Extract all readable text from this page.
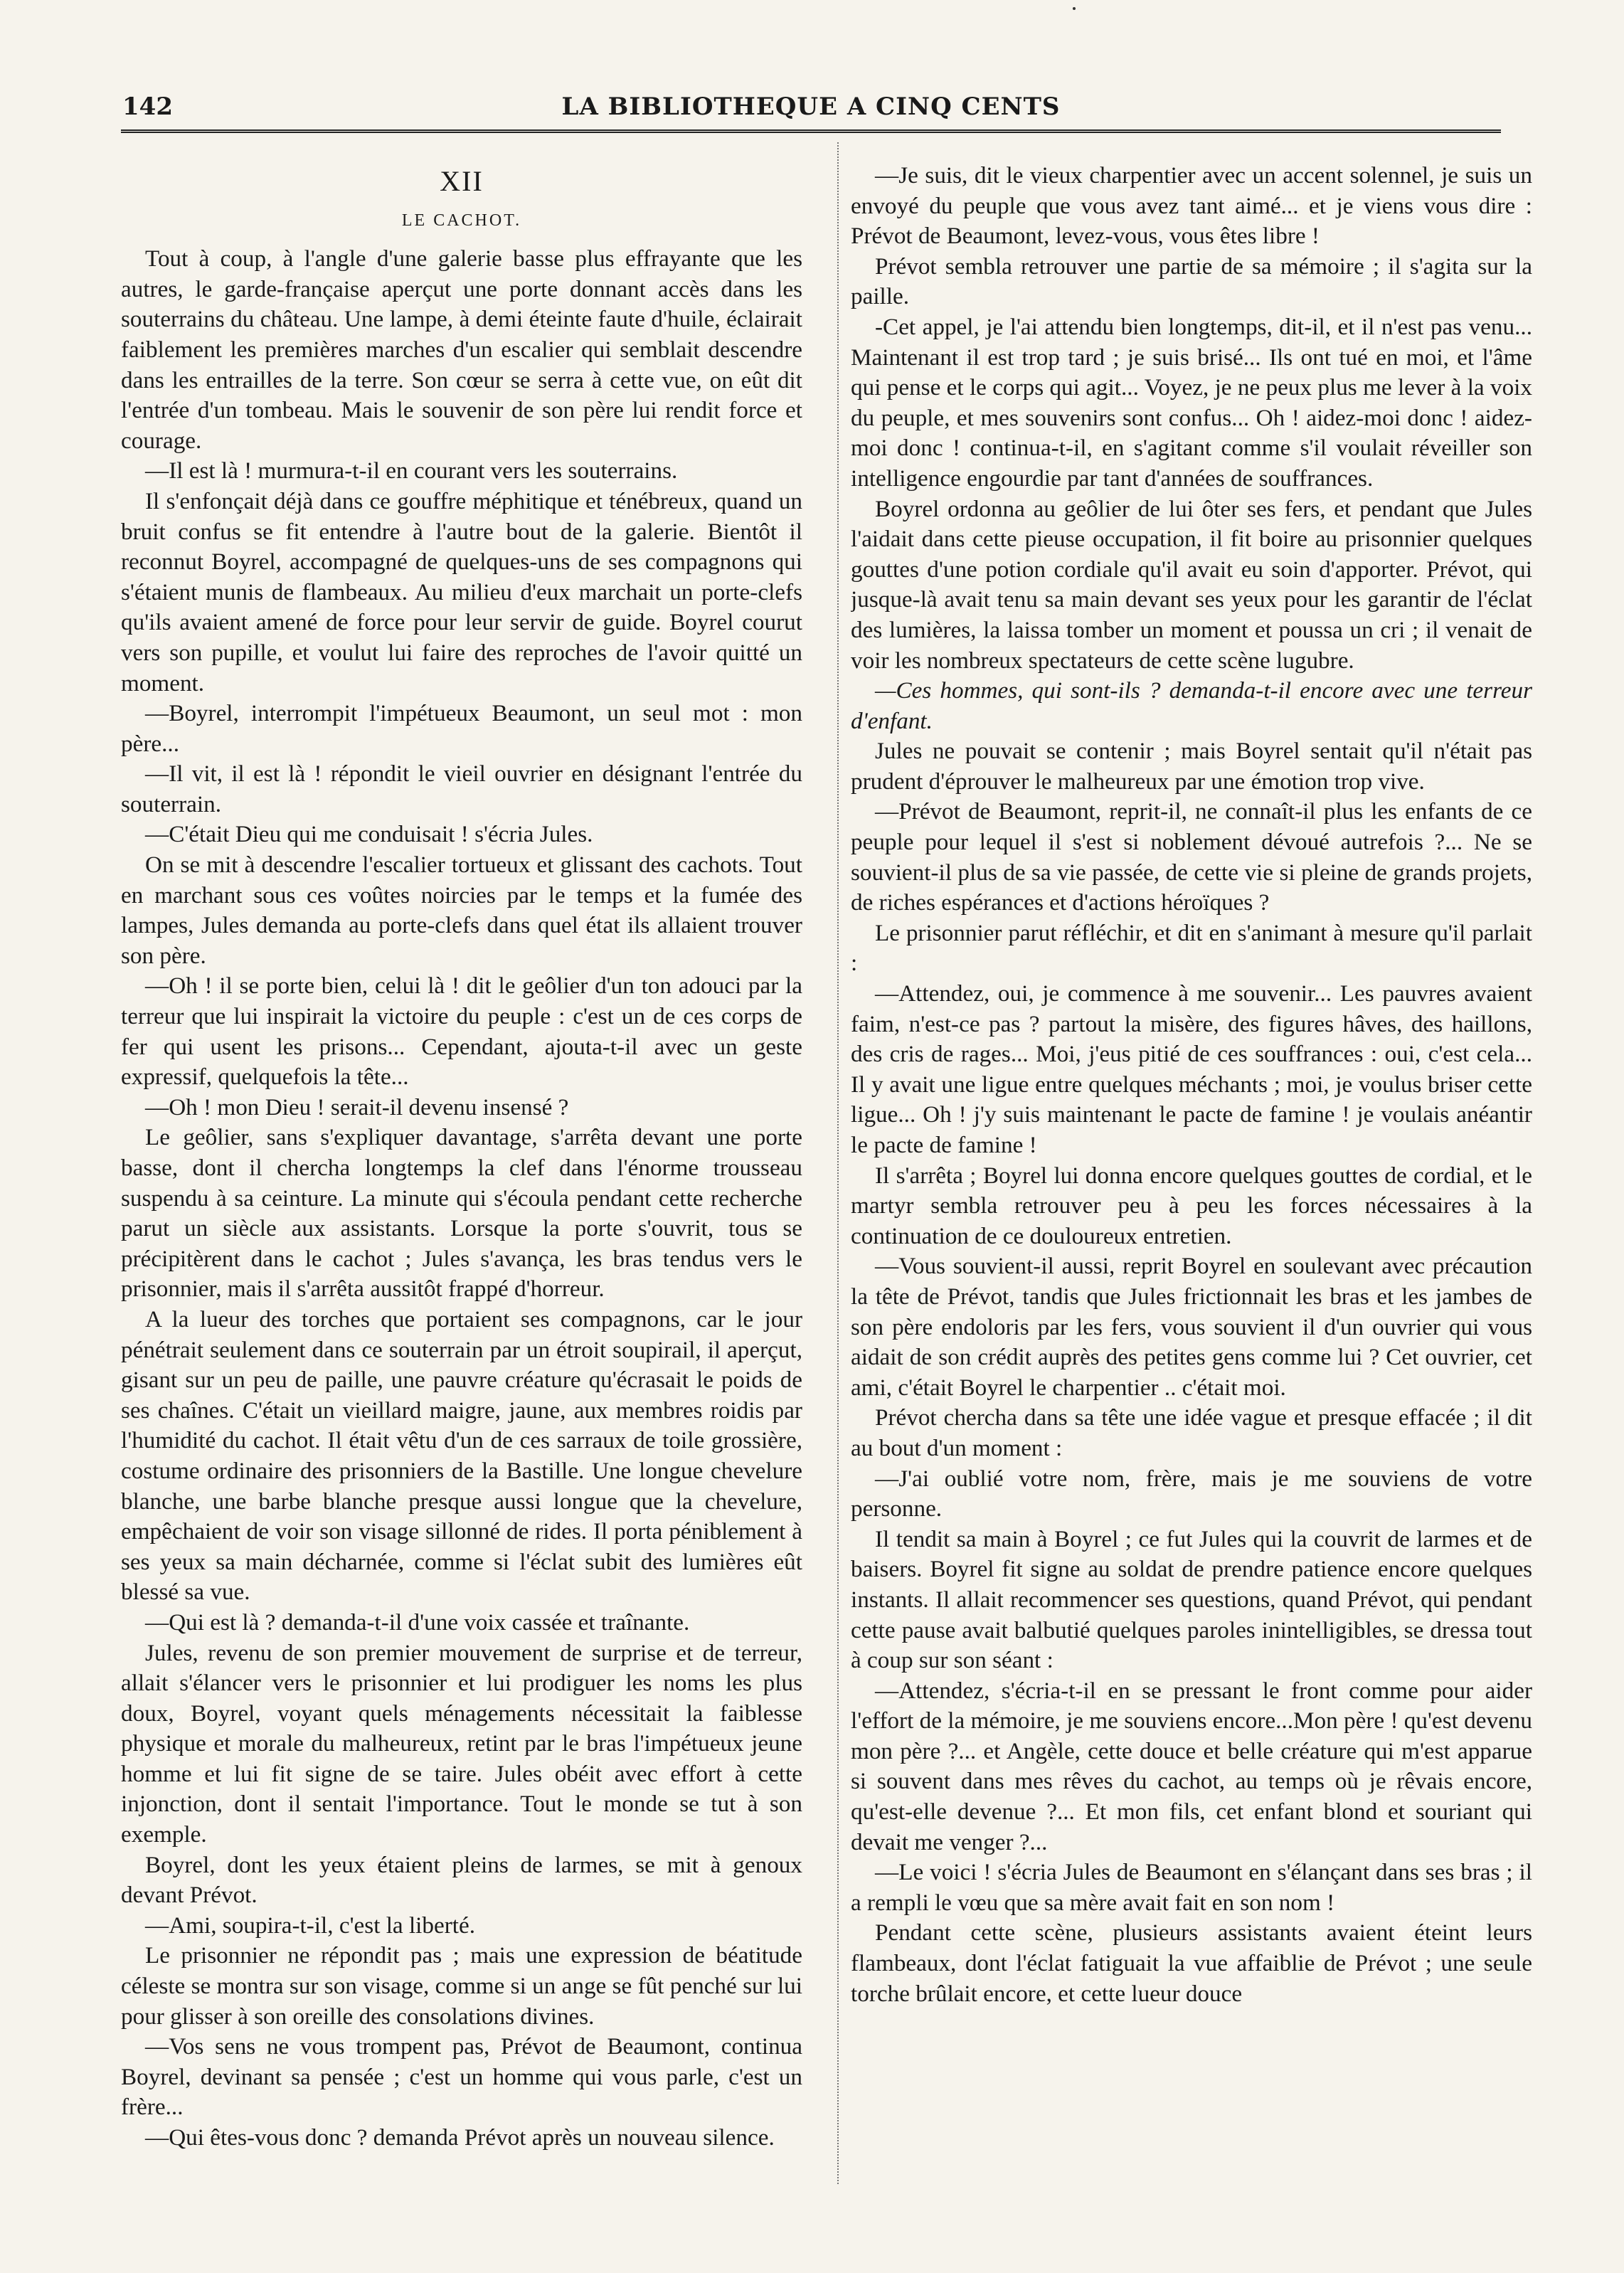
142	LA BIBLIOTHEQUE A CINQ CENTS
XII
LE CACHOT.

Tout à coup, à l'angle d'une galerie basse plus effrayante que les autres, le garde-française aperçut une porte donnant accès dans les souterrains du château. Une lampe, à demi éteinte faute d'huile, éclairait faiblement les premières marches d'un escalier qui semblait descendre dans les entrailles de la terre. Son cœur se serra à cette vue, on eût dit l'entrée d'un tombeau. Mais le souvenir de son père lui rendit force et courage.

—Il est là ! murmura-t-il en courant vers les souterrains.

Il s'enfonçait déjà dans ce gouffre méphitique et ténébreux, quand un bruit confus se fit entendre à l'autre bout de la galerie. Bientôt il reconnut Boyrel, accompagné de quelques-uns de ses compagnons qui s'étaient munis de flambeaux. Au milieu d'eux marchait un porte-clefs qu'ils avaient amené de force pour leur servir de guide. Boyrel courut vers son pupille, et voulut lui faire des reproches de l'avoir quitté un moment.

—Boyrel, interrompit l'impétueux Beaumont, un seul mot : mon père...

—Il vit, il est là ! répondit le vieil ouvrier en désignant l'entrée du souterrain.

—C'était Dieu qui me conduisait ! s'écria Jules.

On se mit à descendre l'escalier tortueux et glissant des cachots. Tout en marchant sous ces voûtes noircies par le temps et la fumée des lampes, Jules demanda au porte-clefs dans quel état ils allaient trouver son père.

—Oh ! il se porte bien, celui là ! dit le geôlier d'un ton adouci par la terreur que lui inspirait la victoire du peuple : c'est un de ces corps de fer qui usent les prisons... Cependant, ajouta-t-il avec un geste expressif, quelquefois la tête...

—Oh ! mon Dieu ! serait-il devenu insensé ?

Le geôlier, sans s'expliquer davantage, s'arrêta devant une porte basse, dont il chercha longtemps la clef dans l'énorme trousseau suspendu à sa ceinture. La minute qui s'écoula pendant cette recherche parut un siècle aux assistants. Lorsque la porte s'ouvrit, tous se précipitèrent dans le cachot ; Jules s'avança, les bras tendus vers le prisonnier, mais il s'arrêta aussitôt frappé d'horreur.

A la lueur des torches que portaient ses compagnons, car le jour pénétrait seulement dans ce souterrain par un étroit soupirail, il aperçut, gisant sur un peu de paille, une pauvre créature qu'écrasait le poids de ses chaînes. C'était un vieillard maigre, jaune, aux membres roidis par l'humidité du cachot. Il était vêtu d'un de ces sarraux de toile grossière, costume ordinaire des prisonniers de la Bastille. Une longue chevelure blanche, une barbe blanche presque aussi longue que la chevelure, empêchaient de voir son visage sillonné de rides. Il porta péniblement à ses yeux sa main décharnée, comme si l'éclat subit des lumières eût blessé sa vue.

—Qui est là ? demanda-t-il d'une voix cassée et traînante.

Jules, revenu de son premier mouvement de surprise et de terreur, allait s'élancer vers le prisonnier et lui prodiguer les noms les plus doux, Boyrel, voyant quels ménagements nécessitait la faiblesse physique et morale du malheureux, retint par le bras l'impétueux jeune homme et lui fit signe de se taire. Jules obéit avec effort à cette injonction, dont il sentait l'importance. Tout le monde se tut à son exemple.

Boyrel, dont les yeux étaient pleins de larmes, se mit à genoux devant Prévot.

—Ami, soupira-t-il, c'est la liberté.

Le prisonnier ne répondit pas ; mais une expression de béatitude céleste se montra sur son visage, comme si un ange se fût penché sur lui pour glisser à son oreille des consolations divines.

—Vos sens ne vous trompent pas, Prévot de Beaumont, continua Boyrel, devinant sa pensée ; c'est un homme qui vous parle, c'est un frère...

—Qui êtes-vous donc ? demanda Prévot après un nouveau silence.

—Je suis, dit le vieux charpentier avec un accent solennel, je suis un envoyé du peuple que vous avez tant aimé... et je viens vous dire : Prévot de Beaumont, levez-vous, vous êtes libre !

Prévot sembla retrouver une partie de sa mémoire ; il s'agita sur la paille.

-Cet appel, je l'ai attendu bien longtemps, dit-il, et il n'est pas venu... Maintenant il est trop tard ; je suis brisé... Ils ont tué en moi, et l'âme qui pense et le corps qui agit... Voyez, je ne peux plus me lever à la voix du peuple, et mes souvenirs sont confus... Oh ! aidez-moi donc ! aidez-moi donc ! continua-t-il, en s'agitant comme s'il voulait réveiller son intelligence engourdie par tant d'années de souffrances.

Boyrel ordonna au geôlier de lui ôter ses fers, et pendant que Jules l'aidait dans cette pieuse occupation, il fit boire au prisonnier quelques gouttes d'une potion cordiale qu'il avait eu soin d'apporter. Prévot, qui jusque-là avait tenu sa main devant ses yeux pour les garantir de l'éclat des lumières, la laissa tomber un moment et poussa un cri ; il venait de voir les nombreux spectateurs de cette scène lugubre.

—Ces hommes, qui sont-ils ? demanda-t-il encore avec une terreur d'enfant.

Jules ne pouvait se contenir ; mais Boyrel sentait qu'il n'était pas prudent d'éprouver le malheureux par une émotion trop vive.

—Prévot de Beaumont, reprit-il, ne connaît-il plus les enfants de ce peuple pour lequel il s'est si noblement dévoué autrefois ?... Ne se souvient-il plus de sa vie passée, de cette vie si pleine de grands projets, de riches espérances et d'actions héroïques ?

Le prisonnier parut réfléchir, et dit en s'animant à mesure qu'il parlait :

—Attendez, oui, je commence à me souvenir... Les pauvres avaient faim, n'est-ce pas ? partout la misère, des figures hâves, des haillons, des cris de rages... Moi, j'eus pitié de ces souffrances : oui, c'est cela... Il y avait une ligue entre quelques méchants ; moi, je voulus briser cette ligue... Oh ! j'y suis maintenant le pacte de famine ! je voulais anéantir le pacte de famine !

Il s'arrêta ; Boyrel lui donna encore quelques gouttes de cordial, et le martyr sembla retrouver peu à peu les forces nécessaires à la continuation de ce douloureux entretien.

—Vous souvient-il aussi, reprit Boyrel en soulevant avec précaution la tête de Prévot, tandis que Jules frictionnait les bras et les jambes de son père endoloris par les fers, vous souvient il d'un ouvrier qui vous aidait de son crédit auprès des petites gens comme lui ? Cet ouvrier, cet ami, c'était Boyrel le charpentier .. c'était moi.

Prévot chercha dans sa tête une idée vague et presque effacée ; il dit au bout d'un moment :

—J'ai oublié votre nom, frère, mais je me souviens de votre personne.

Il tendit sa main à Boyrel ; ce fut Jules qui la couvrit de larmes et de baisers. Boyrel fit signe au soldat de prendre patience encore quelques instants. Il allait recommencer ses questions, quand Prévot, qui pendant cette pause avait balbutié quelques paroles inintelligibles, se dressa tout à coup sur son séant :

—Attendez, s'écria-t-il en se pressant le front comme pour aider l'effort de la mémoire, je me souviens encore...Mon père ! qu'est devenu mon père ?... et Angèle, cette douce et belle créature qui m'est apparue si souvent dans mes rêves du cachot, au temps où je rêvais encore, qu'est-elle devenue ?... Et mon fils, cet enfant blond et souriant qui devait me venger ?...

—Le voici ! s'écria Jules de Beaumont en s'élançant dans ses bras ; il a rempli le vœu que sa mère avait fait en son nom !

Pendant cette scène, plusieurs assistants avaient éteint leurs flambeaux, dont l'éclat fatiguait la vue affaiblie de Prévot ; une seule torche brûlait encore, et cette lueur douce
